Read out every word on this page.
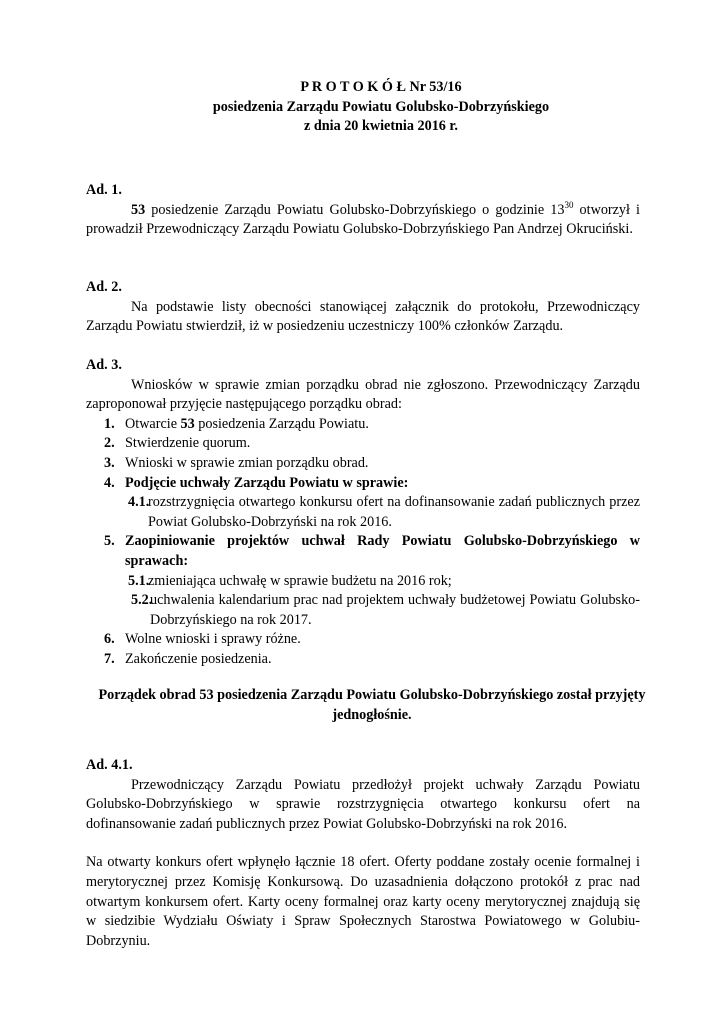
P R O T O K Ó Ł Nr 53/16
posiedzenia Zarządu Powiatu Golubsko-Dobrzyńskiego
z dnia 20 kwietnia 2016 r.
Ad. 1.
53 posiedzenie Zarządu Powiatu Golubsko-Dobrzyńskiego o godzinie $13^{30}$ otworzył i prowadził Przewodniczący Zarządu Powiatu Golubsko-Dobrzyńskiego Pan Andrzej Okruciński.
Ad. 2.
Na podstawie listy obecności stanowiącej załącznik do protokołu, Przewodniczący Zarządu Powiatu stwierdził, iż w posiedzeniu uczestniczy 100% członków Zarządu.
Ad. 3.
Wniosków w sprawie zmian porządku obrad nie zgłoszono. Przewodniczący Zarządu zaproponował przyjęcie następującego porządku obrad:
1. Otwarcie 53 posiedzenia Zarządu Powiatu.
2. Stwierdzenie quorum.
3. Wnioski w sprawie zmian porządku obrad.
4. Podjęcie uchwały Zarządu Powiatu w sprawie:
4.1.
rozstrzygnięcia otwartego konkursu ofert na dofinansowanie zadań publicznych przez Powiat Golubsko-Dobrzyński na rok 2016.
5. Zaopiniowanie projektów uchwał Rady Powiatu Golubsko-Dobrzyńskiego w sprawach:
5.1.
zmieniająca uchwałę w sprawie budżetu na 2016 rok;
5.2.
uchwalenia kalendarium prac nad projektem uchwały budżetowej Powiatu Golubsko-Dobrzyńskiego na rok 2017.
6. Wolne wnioski i sprawy różne.
7. Zakończenie posiedzenia.
Porządek obrad 53 posiedzenia Zarządu Powiatu Golubsko-Dobrzyńskiego został przyjęty jednogłośnie.
Ad. 4.1.
Przewodniczący Zarządu Powiatu przedłożył projekt uchwały Zarządu Powiatu Golubsko-Dobrzyńskiego w sprawie rozstrzygnięcia otwartego konkursu ofert na dofinansowanie zadań publicznych przez Powiat Golubsko-Dobrzyński na rok 2016.
Na otwarty konkurs ofert wpłynęło łącznie 18 ofert. Oferty poddane zostały ocenie formalnej i merytorycznej przez Komisję Konkursową. Do uzasadnienia dołączono protokół z prac nad otwartym konkursem ofert. Karty oceny formalnej oraz karty oceny merytorycznej znajdują się w siedzibie Wydziału Oświaty i Spraw Społecznych Starostwa Powiatowego w Golubiu-Dobrzyniu.
